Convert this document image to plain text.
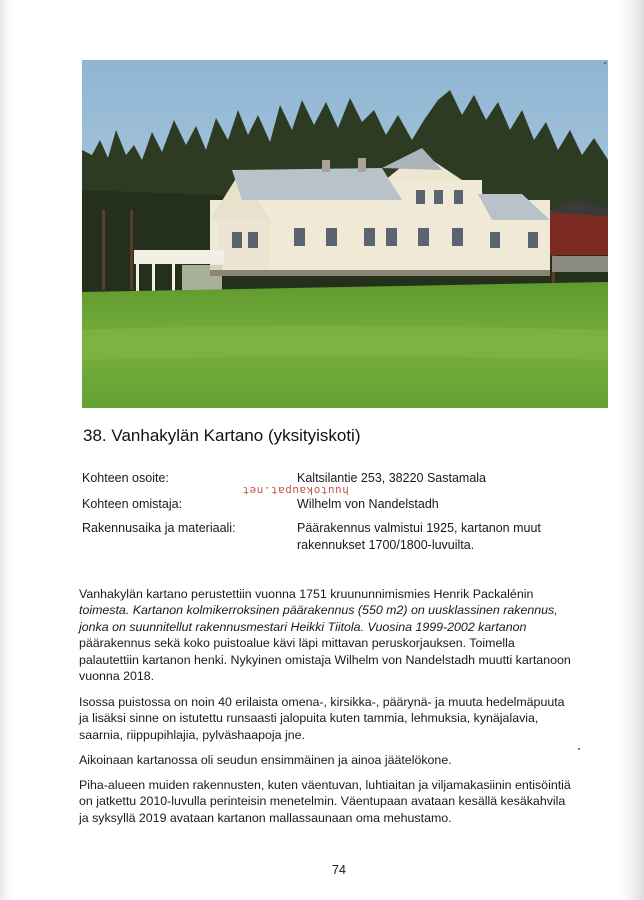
38. Vanhakylän Kartano (yksityiskoti)
Kohteen osoite:	Kaltsilantie 253, 38220 Sastamala
Kohteen omistaja:	Wilhelm von Nandelstadh
Rakennusaika ja materiaali:	Päärakennus valmistui 1925, kartanon muut
rakennukset 1700/1800-luvuilta.
huutokaupat.net
Vanhakylän kartano perustettiin vuonna 1751 kruununnimismies Henrik Packalénin
toimesta. Kartanon kolmikerroksinen päärakennus (550 m2) on uusklassinen rakennus,
jonka on suunnitellut rakennusmestari Heikki Tiitola. Vuosina 1999-2002 kartanon
päärakennus sekä koko puistoalue kävi läpi mittavan peruskorjauksen. Toimella
palautettiin kartanon henki. Nykyinen omistaja Wilhelm von Nandelstadh muutti kartanoon
vuonna 2018.
Isossa puistossa on noin 40 erilaista omena-, kirsikka-, päärynä- ja muuta hedelmäpuuta
ja lisäksi sinne on istutettu runsaasti jalopuita kuten tammia, lehmuksia, kynäjalavia,
saarnia, riippupihlajia, pylväshaapoja jne.
Aikoinaan kartanossa oli seudun ensimmäinen ja ainoa jäätelökone.
Piha-alueen muiden rakennusten, kuten väentuvan, luhtiaitan ja viljamakasiinin entisöintiä
on jatkettu 2010-luvulla perinteisin menetelmin. Väentupaan avataan kesällä kesäkahvila
ja syksyllä 2019 avataan kartanon mallassaunaan oma mehustamo.
74
